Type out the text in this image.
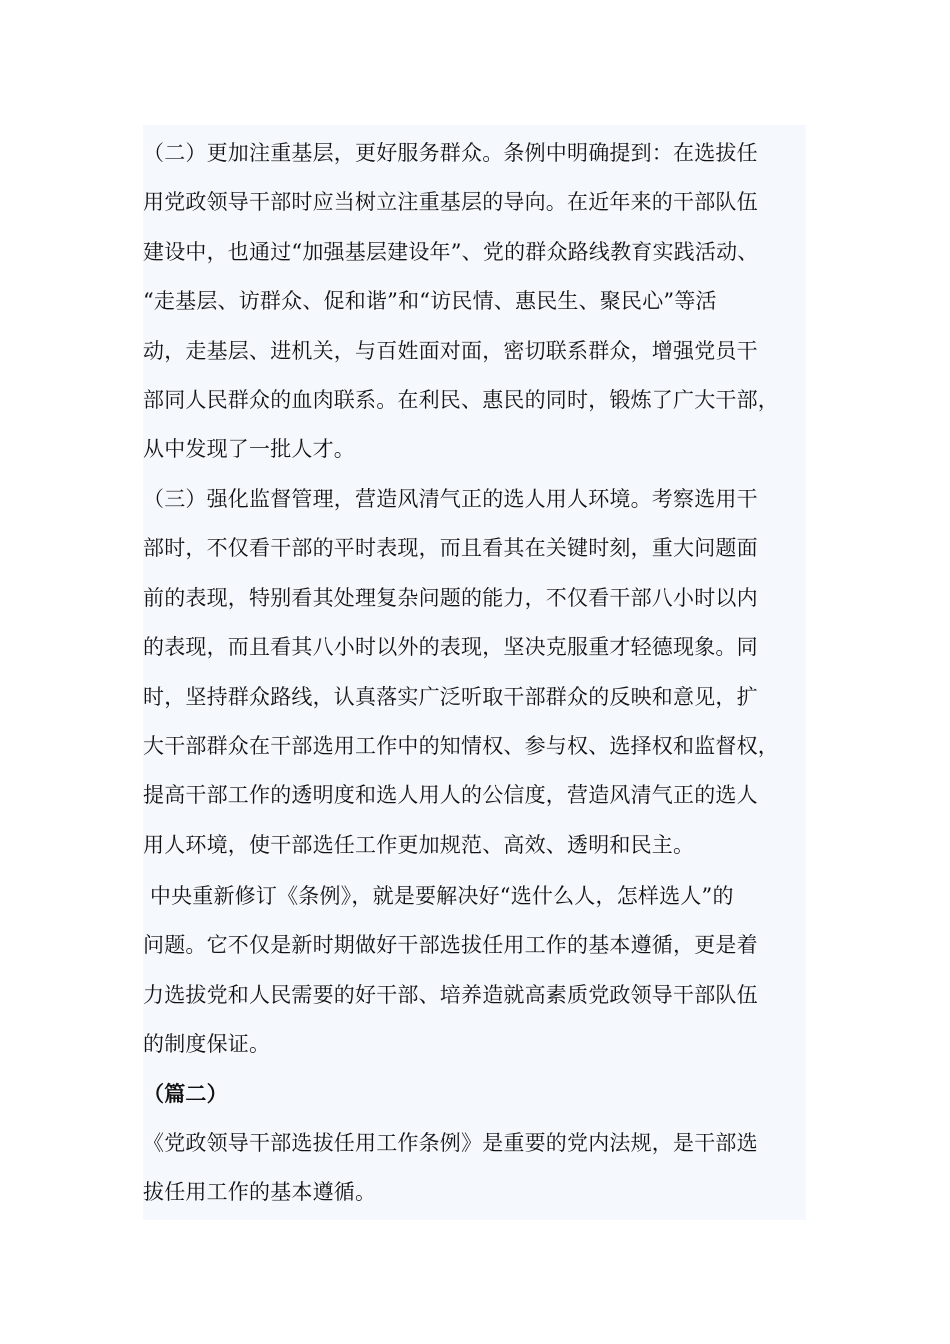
（二）更加注重基层，更好服务群众。条例中明确提到：在选拔任
用党政领导干部时应当树立注重基层的导向。在近年来的干部队伍
建设中，也通过“加强基层建设年”、党的群众路线教育实践活动、
“走基层、访群众、促和谐”和“访民情、惠民生、聚民心”等活
动，走基层、进机关，与百姓面对面，密切联系群众，增强党员干
部同人民群众的血肉联系。在利民、惠民的同时，锻炼了广大干部，
从中发现了一批人才。

（三）强化监督管理，营造风清气正的选人用人环境。考察选用干
部时，不仅看干部的平时表现，而且看其在关键时刻，重大问题面
前的表现，特别看其处理复杂问题的能力，不仅看干部八小时以内
的表现，而且看其八小时以外的表现，坚决克服重才轻德现象。同
时，坚持群众路线，认真落实广泛听取干部群众的反映和意见，扩
大干部群众在干部选用工作中的知情权、参与权、选择权和监督权，
提高干部工作的透明度和选人用人的公信度，营造风清气正的选人
用人环境，使干部选任工作更加规范、高效、透明和民主。

中央重新修订《条例》，就是要解决好“选什么人，怎样选人”的
问题。它不仅是新时期做好干部选拔任用工作的基本遵循，更是着
力选拔党和人民需要的好干部、培养造就高素质党政领导干部队伍
的制度保证。

（篇二）

《党政领导干部选拔任用工作条例》是重要的党内法规，是干部选
拔任用工作的基本遵循。
